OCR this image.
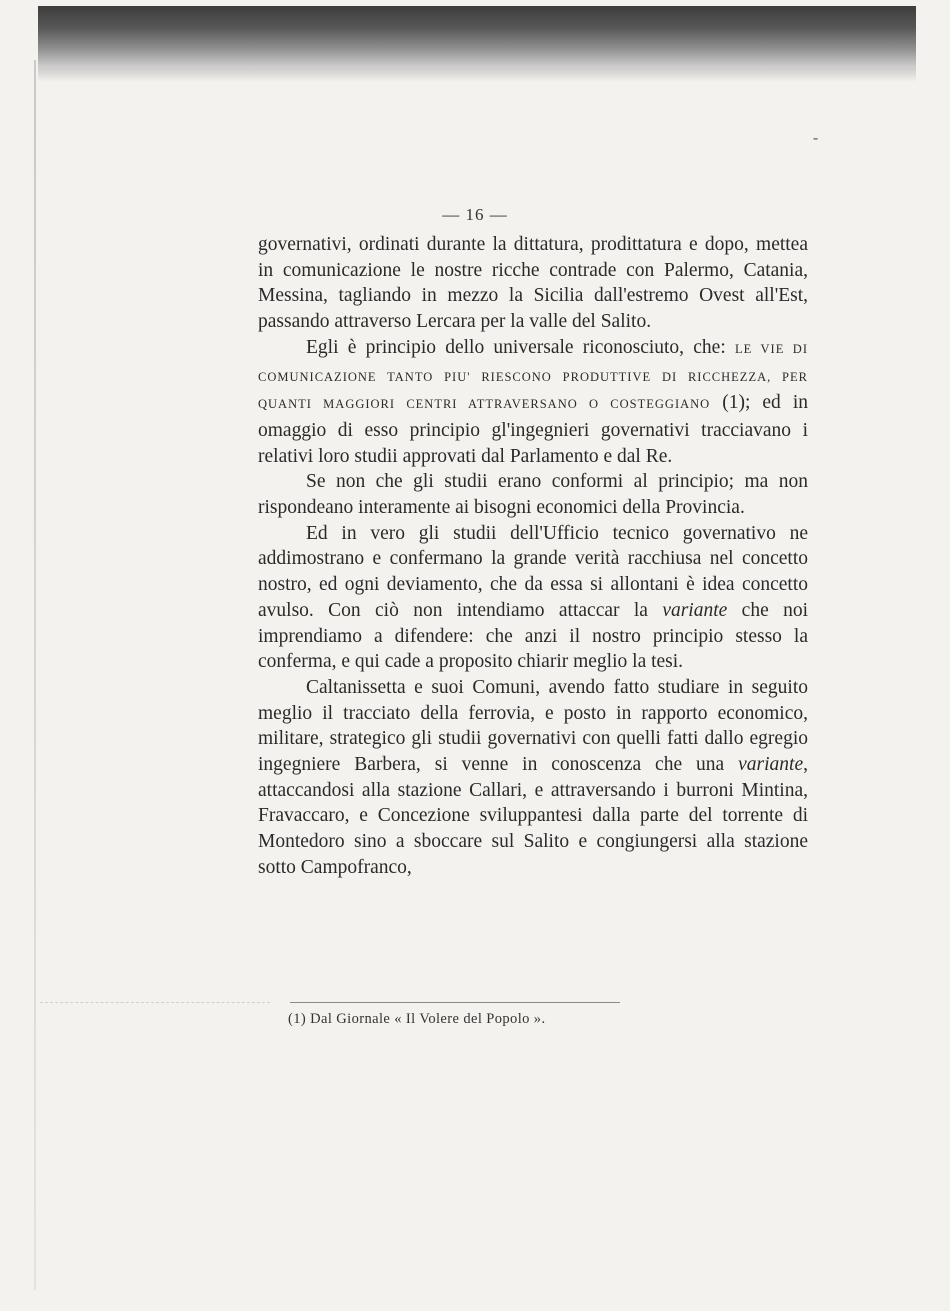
⁃
— 16 —

governativi, ordinati durante la dittatura, prodittatura e dopo, mettea in comunicazione le nostre ricche contrade con Palermo, Catania, Messina, tagliando in mezzo la Sicilia dall'estremo Ovest all'Est, passando attraverso Lercara per la valle del Salito.

Egli è principio dello universale riconosciuto, che: LE VIE DI COMUNICAZIONE TANTO PIU' RIESCONO PRODUTTIVE DI RICCHEZZA, PER QUANTI MAGGIORI CENTRI ATTRAVERSANO O COSTEGGIANO (1); ed in omaggio di esso principio gl'ingegnieri governativi tracciavano i relativi loro studii approvati dal Parlamento e dal Re.

Se non che gli studii erano conformi al principio; ma non rispondeano interamente ai bisogni economici della Provincia.

Ed in vero gli studii dell'Ufficio tecnico governativo ne addimostrano e confermano la grande verità racchiusa nel concetto nostro, ed ogni deviamento, che da essa si allontani è idea concetto avulso. Con ciò non intendiamo attaccar la variante che noi imprendiamo a difendere: che anzi il nostro principio stesso la conferma, e qui cade a proposito chiarir meglio la tesi.

Caltanissetta e suoi Comuni, avendo fatto studiare in seguito meglio il tracciato della ferrovia, e posto in rapporto economico, militare, strategico gli studii governativi con quelli fatti dallo egregio ingegniere Barbera, si venne in conoscenza che una variante, attaccandosi alla stazione Callari, e attraversando i burroni Mintina, Fravaccaro, e Concezione sviluppantesi dalla parte del torrente di Montedoro sino a sboccare sul Salito e congiungersi alla stazione sotto Campofranco,

(1) Dal Giornale « Il Volere del Popolo ».
